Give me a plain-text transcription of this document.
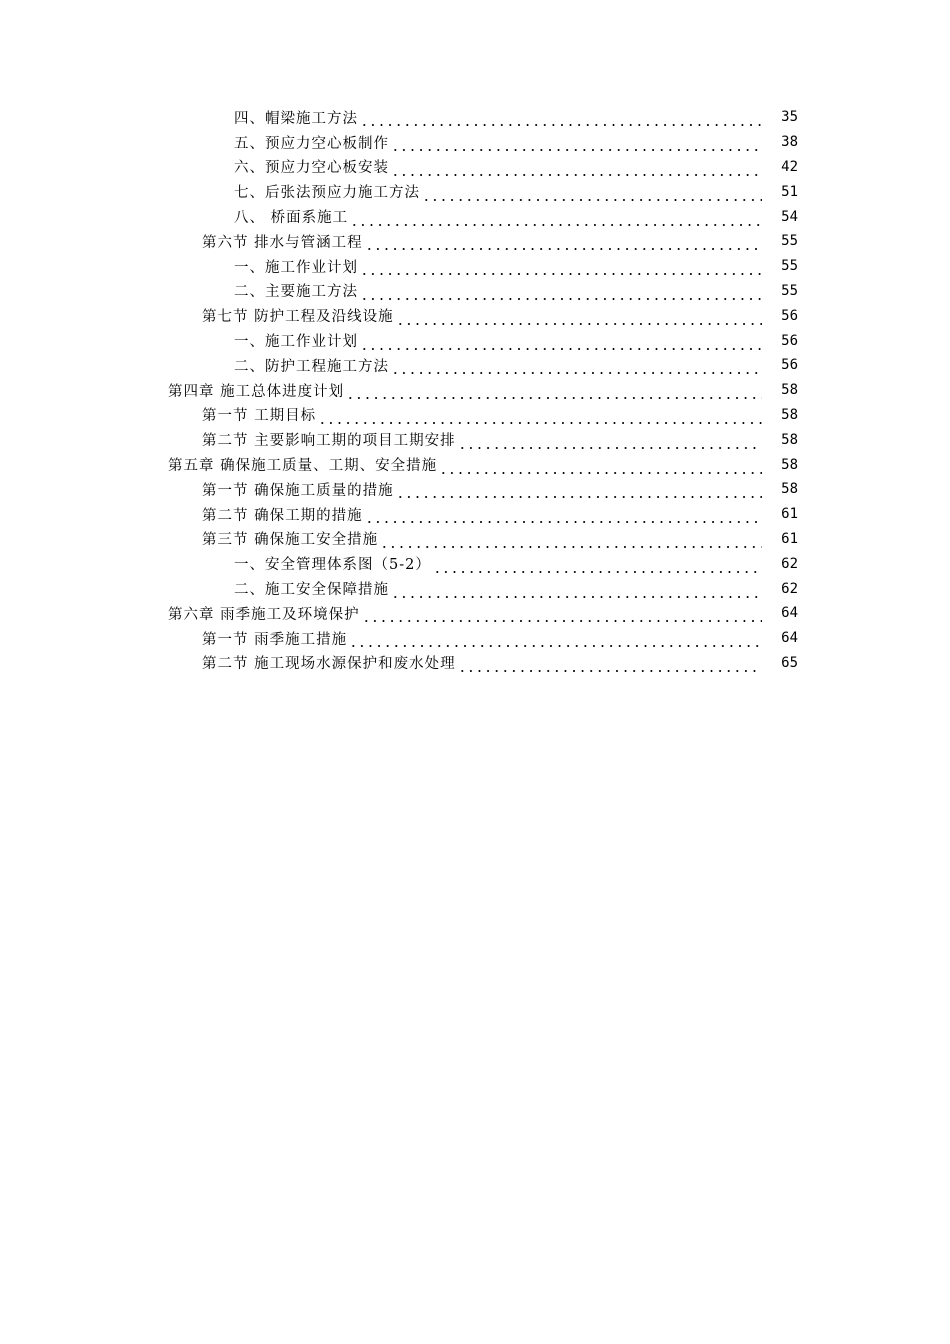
四、帽梁施工方法	35
五、预应力空心板制作	38
六、预应力空心板安装	42
七、后张法预应力施工方法	51
八、 桥面系施工	54
第六节 排水与管涵工程	55
一、施工作业计划	55
二、主要施工方法	55
第七节 防护工程及沿线设施	56
一、施工作业计划	56
二、防护工程施工方法	56
第四章 施工总体进度计划	58
第一节 工期目标	58
第二节 主要影响工期的项目工期安排	58
第五章 确保施工质量、工期、安全措施	58
第一节 确保施工质量的措施	58
第二节 确保工期的措施	61
第三节 确保施工安全措施	61
一、安全管理体系图（5-2）	62
二、施工安全保障措施	62
第六章 雨季施工及环境保护	64
第一节 雨季施工措施	64
第二节 施工现场水源保护和废水处理	65
